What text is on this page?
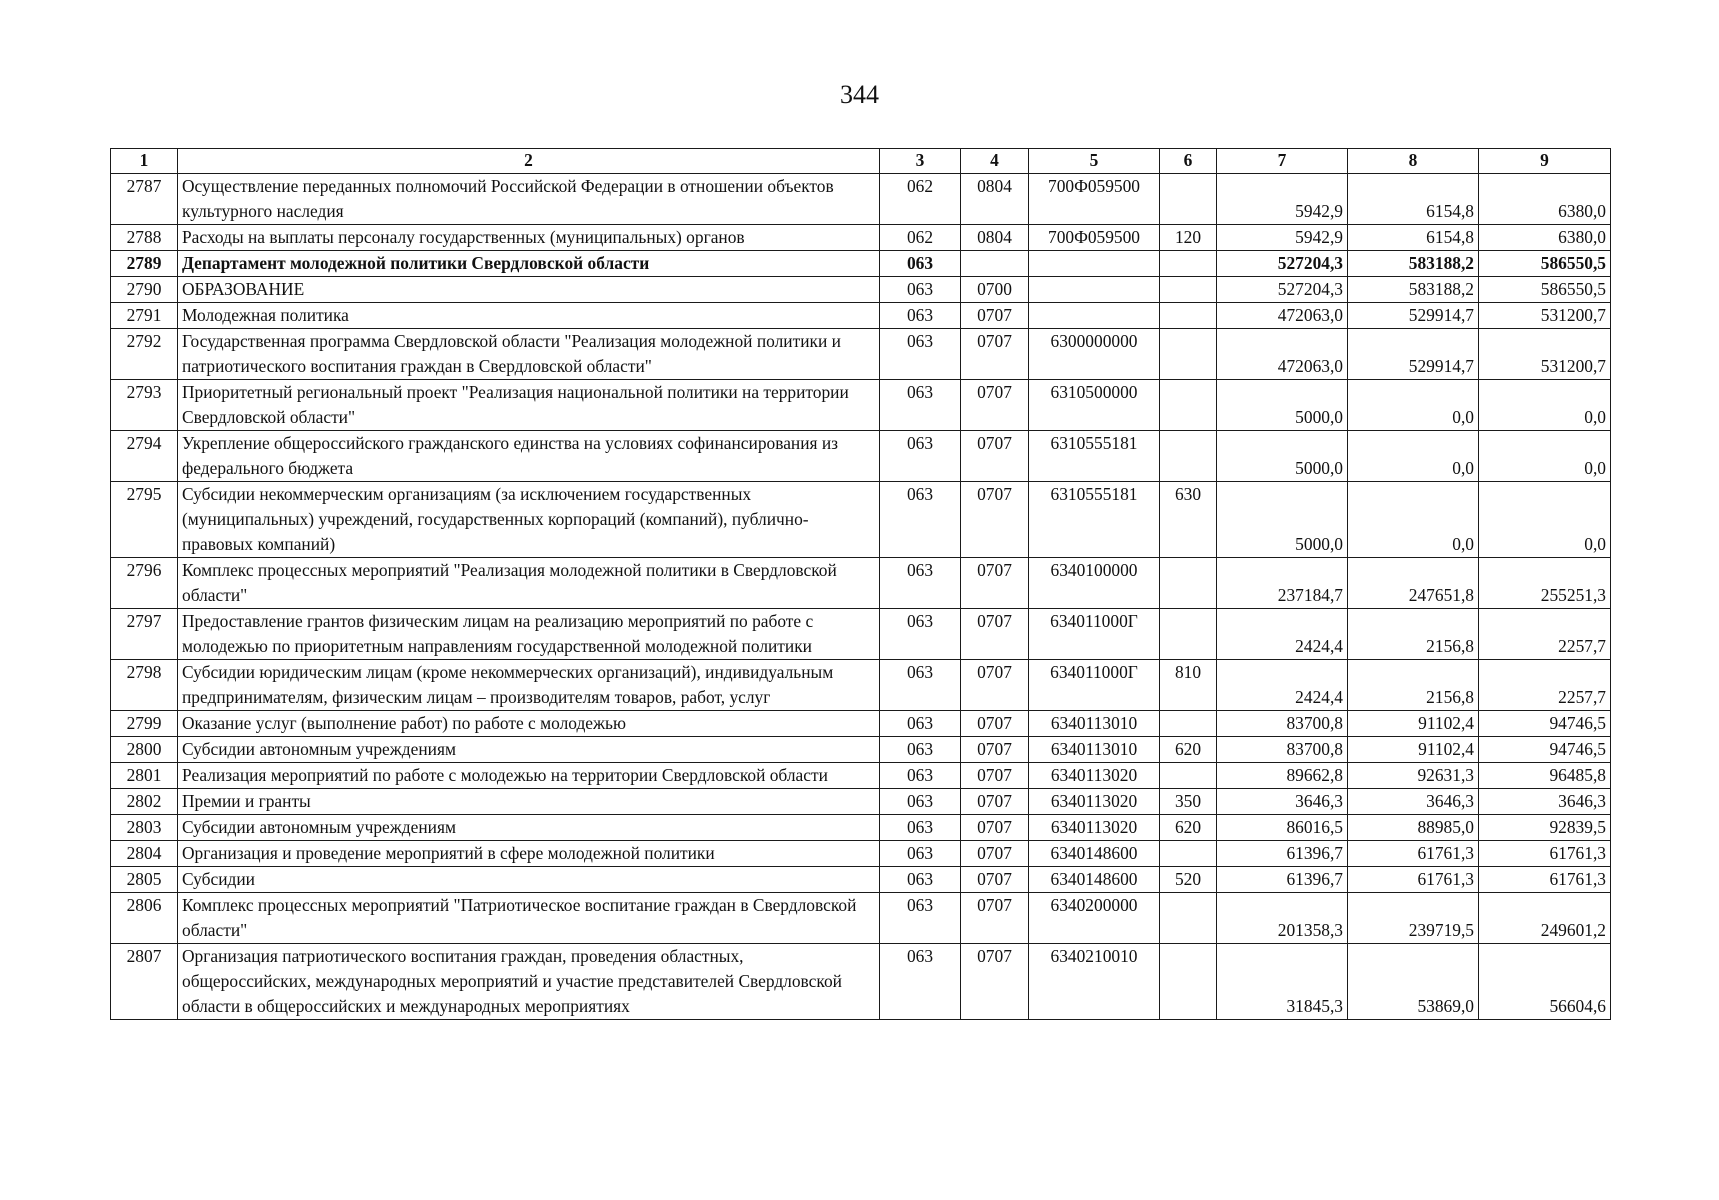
344
1	2	3	4	5	6	7	8	9
2787	Осуществление переданных полномочий Российской Федерации в отношении объектов культурного наследия	062	0804	700Ф059500		5942,9	6154,8	6380,0
2788	Расходы на выплаты персоналу государственных (муниципальных) органов	062	0804	700Ф059500	120	5942,9	6154,8	6380,0
2789	Департамент молодежной политики Свердловской области	063				527204,3	583188,2	586550,5
2790	ОБРАЗОВАНИЕ	063	0700			527204,3	583188,2	586550,5
2791	Молодежная политика	063	0707			472063,0	529914,7	531200,7
2792	Государственная программа Свердловской области "Реализация молодежной политики и патриотического воспитания граждан в Свердловской области"	063	0707	6300000000		472063,0	529914,7	531200,7
2793	Приоритетный региональный проект "Реализация национальной политики на территории Свердловской области"	063	0707	6310500000		5000,0	0,0	0,0
2794	Укрепление общероссийского гражданского единства на условиях софинансирования из федерального бюджета	063	0707	6310555181		5000,0	0,0	0,0
2795	Субсидии некоммерческим организациям (за исключением государственных (муниципальных) учреждений, государственных корпораций (компаний), публично-правовых компаний)	063	0707	6310555181	630	5000,0	0,0	0,0
2796	Комплекс процессных мероприятий "Реализация молодежной политики в Свердловской области"	063	0707	6340100000		237184,7	247651,8	255251,3
2797	Предоставление грантов физическим лицам на реализацию мероприятий по работе с молодежью по приоритетным направлениям государственной молодежной политики	063	0707	634011000Г		2424,4	2156,8	2257,7
2798	Субсидии юридическим лицам (кроме некоммерческих организаций), индивидуальным предпринимателям, физическим лицам – производителям товаров, работ, услуг	063	0707	634011000Г	810	2424,4	2156,8	2257,7
2799	Оказание услуг (выполнение работ) по работе с молодежью	063	0707	6340113010		83700,8	91102,4	94746,5
2800	Субсидии автономным учреждениям	063	0707	6340113010	620	83700,8	91102,4	94746,5
2801	Реализация мероприятий по работе с молодежью на территории Свердловской области	063	0707	6340113020		89662,8	92631,3	96485,8
2802	Премии и гранты	063	0707	6340113020	350	3646,3	3646,3	3646,3
2803	Субсидии автономным учреждениям	063	0707	6340113020	620	86016,5	88985,0	92839,5
2804	Организация и проведение мероприятий в сфере молодежной политики	063	0707	6340148600		61396,7	61761,3	61761,3
2805	Субсидии	063	0707	6340148600	520	61396,7	61761,3	61761,3
2806	Комплекс процессных мероприятий "Патриотическое воспитание граждан в Свердловской области"	063	0707	6340200000		201358,3	239719,5	249601,2
2807	Организация патриотического воспитания граждан, проведения областных, общероссийских, международных мероприятий и участие представителей Свердловской области в общероссийских и международных мероприятиях	063	0707	6340210010		31845,3	53869,0	56604,6
